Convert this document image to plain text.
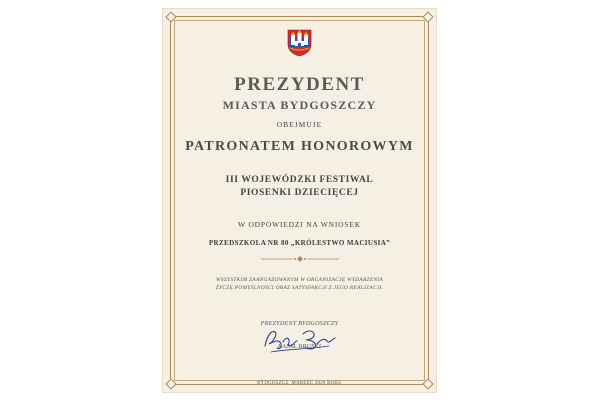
PREZYDENT
MIASTA BYDGOSZCZY
OBEJMUJE
PATRONATEM HONOROWYM
III WOJEWÓDZKI FESTIWAL
PIOSENKI DZIECIĘCEJ
W ODPOWIEDZI NA WNIOSEK
PRZEDSZKOLA NR 80 „KRÓLESTWO MACIUSIA”
WSZYSTKIM ZAANGAŻOWANYM W ORGANIZACJĘ WYDARZENIA
ŻYCZĘ POMYŚLNOŚCI ORAZ SATYSFAKCJI Z JEGO REALIZACJI.
PREZYDENT BYDGOSZCZY
RAFAŁ BRUSKI
BYDGOSZCZ, MARZEC 2026 ROKU
